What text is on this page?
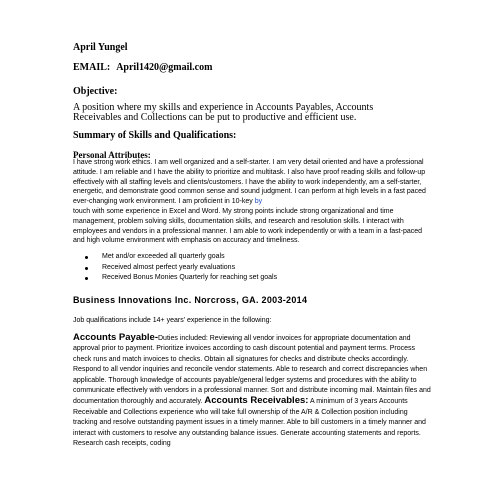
April Yungel
EMAIL: April1420@gmail.com
Objective:
A position where my skills and experience in Accounts Payables, Accounts Receivables and Collections can be put to productive and efficient use.
Summary of Skills and Qualifications:
Personal Attributes:
I have strong work ethics. I am well organized and a self-starter. I am very detail oriented and have a professional attitude. I am reliable and I have the ability to prioritize and multitask. I also have proof reading skills and follow-up effectively with all staffing levels and clients/customers. I have the ability to work independently, am a self-starter, energetic, and demonstrate good common sense and sound judgment. I can perform at high levels in a fast paced ever-changing work environment. I am proficient in 10-key by
touch with some experience in Excel and Word. My strong points include strong organizational and time management, problem solving skills, documentation skills, and research and resolution skills. I interact with employees and vendors in a professional manner. I am able to work independently or with a team in a fast-paced and high volume environment with emphasis on accuracy and timeliness.
Met and/or exceeded all quarterly goals
Received almost perfect yearly evaluations
Received Bonus Monies Quarterly for reaching set goals
Business Innovations Inc. Norcross, GA. 2003-2014
Job qualifications include 14+ years' experience in the following:
Accounts Payable-Duties included: Reviewing all vendor invoices for appropriate documentation and approval prior to payment. Prioritize invoices according to cash discount potential and payment terms. Process check runs and match invoices to checks. Obtain all signatures for checks and distribute checks accordingly. Respond to all vendor inquiries and reconcile vendor statements. Able to research and correct discrepancies when applicable. Thorough knowledge of accounts payable/general ledger systems and procedures with the ability to communicate effectively with vendors in a professional manner. Sort and distribute incoming mail. Maintain files and documentation thoroughly and accurately. Accounts Receivables: A minimum of 3 years Accounts Receivable and Collections experience who will take full ownership of the A/R & Collection position including tracking and resolve outstanding payment issues in a timely manner. Able to bill customers in a timely manner and interact with customers to resolve any outstanding balance issues. Generate accounting statements and reports. Research cash receipts, coding
